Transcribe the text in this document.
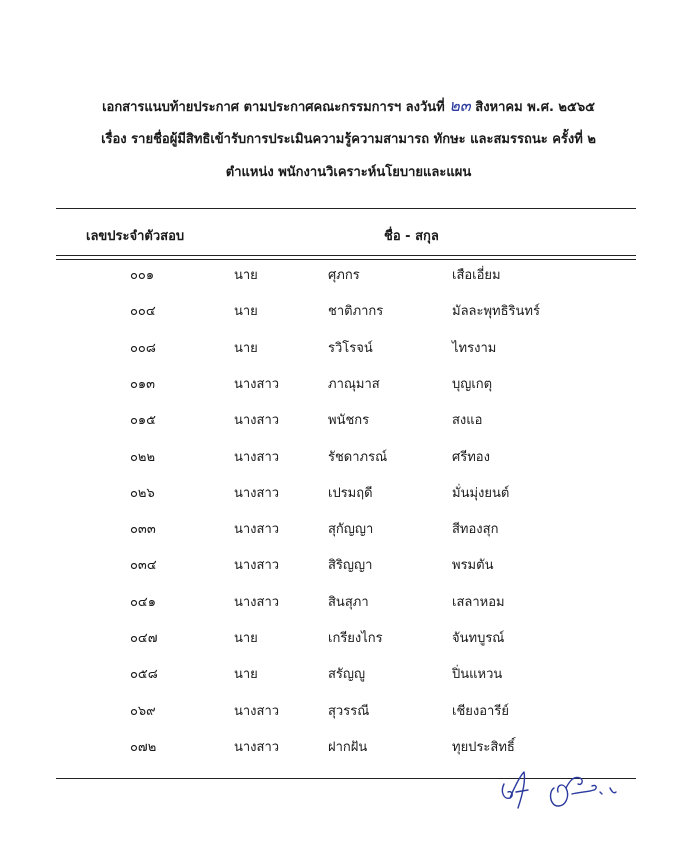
เอกสารแนบท้ายประกาศ ตามประกาศคณะกรรมการฯ ลงวันที่ ๒๓ สิงหาคม พ.ศ. ๒๕๖๕
เรื่อง รายชื่อผู้มีสิทธิเข้ารับการประเมินความรู้ความสามารถ ทักษะ และสมรรถนะ ครั้งที่ ๒
ตำแหน่ง พนักงานวิเคราะห์นโยบายและแผน
เลขประจำตัวสอบ	ชื่อ - สกุล
๐๐๑	นาย	ศุภกร	เสือเอี่ยม
๐๐๔	นาย	ชาติภากร	มัลละพุทธิรินทร์
๐๐๘	นาย	รวิโรจน์	ไทรงาม
๐๑๓	นางสาว	ภาณุมาส	บุญเกตุ
๐๑๕	นางสาว	พนัชกร	สงแอ
๐๒๒	นางสาว	รัชดาภรณ์	ศรีทอง
๐๒๖	นางสาว	เปรมฤดี	มั่นมุ่งยนต์
๐๓๓	นางสาว	สุกัญญา	สีทองสุก
๐๓๔	นางสาว	สิริญญา	พรมตัน
๐๔๑	นางสาว	สินสุภา	เสลาหอม
๐๔๗	นาย	เกรียงไกร	จันทบูรณ์
๐๕๘	นาย	สรัญญู	ปิ่นแหวน
๐๖๙	นางสาว	สุวรรณี	เชียงอารีย์
๐๗๒	นางสาว	ฝากฝัน	ทุยประสิทธิ์
